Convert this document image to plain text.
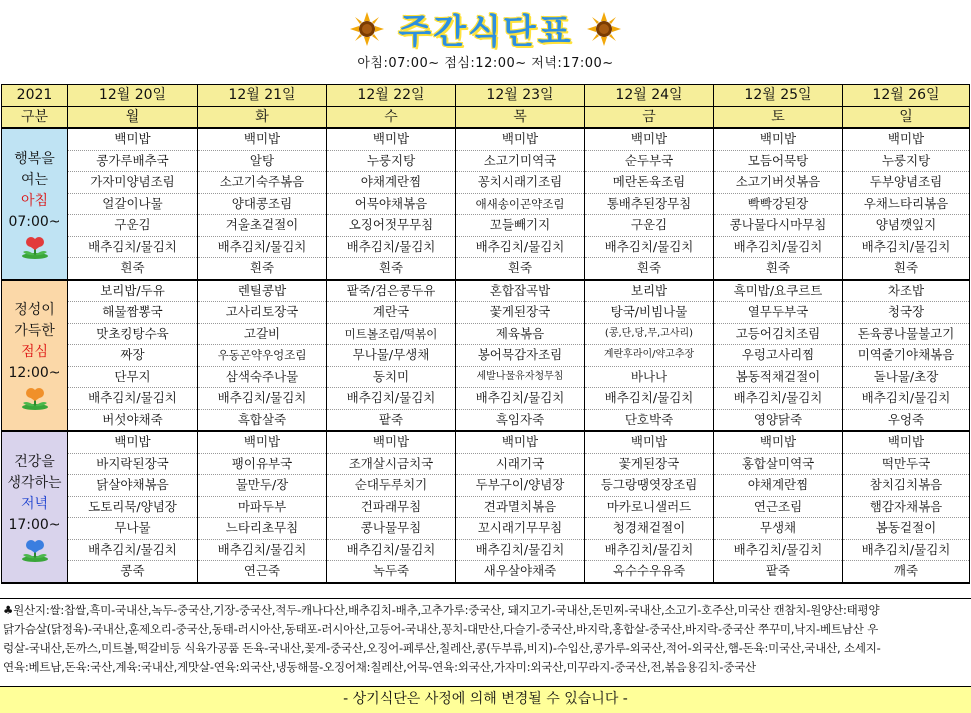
주간식단표
아침:07:00~ 점심:12:00~ 저녁:17:00~
2021	12월 20일	12월 21일	12월 22일	12월 23일	12월 24일	12월 25일	12월 26일
구분	월	화	수	목	금	토	일

행복을
여는
아침
07:00~	백미밥	백미밥	백미밥	백미밥	백미밥	백미밥	백미밥
	콩가루배추국	알탕	누룽지탕	소고기미역국	순두부국	모듬어묵탕	누룽지탕
	가자미양념조림	소고기숙주볶음	야채계란찜	꽁치시래기조림	메란돈육조림	소고기버섯볶음	두부양념조림
	얼갈이나물	양대콩조림	어묵야채볶음	애새송이곤약조림	통배추된장무침	빡빡강된장	우채느타리볶음
	구운김	겨울초겉절이	오징어젓무무침	꼬들빼기지	구운김	콩나물다시마무침	양념깻잎지
	배추김치/물김치	배추김치/물김치	배추김치/물김치	배추김치/물김치	배추김치/물김치	배추김치/물김치	배추김치/물김치
	흰죽	흰죽	흰죽	흰죽	흰죽	흰죽	흰죽

정성이
가득한
점심
12:00~	보리밥/두유	렌틸콩밥	팥죽/검은콩두유	혼합잡곡밥	보리밥	흑미밥/요쿠르트	차조밥
	해물짬뽕국	고사리토장국	계란국	꽃게된장국	탕국/비빔나물	열무두부국	청국장
	맛초킹탕수육	고갈비	미트볼조림/떡볶이	제육볶음	(콩,단,당,무,고사리)	고등어김치조림	돈육콩나물불고기
	짜장	우동곤약우엉조림	무나물/무생채	봉어묵감자조림	계란후라이/약고추장	우렁고사리찜	미역줄기야채볶음
	단무지	삼색숙주나물	동치미	세발나물유자청무침	바나나	봄동적채겉절이	돌나물/초장
	배추김치/물김치	배추김치/물김치	배추김치/물김치	배추김치/물김치	배추김치/물김치	배추김치/물김치	배추김치/물김치
	버섯야채죽	흑합살죽	팥죽	흑임자죽	단호박죽	영양닭죽	우엉죽

건강을
생각하는
저녁
17:00~	백미밥	백미밥	백미밥	백미밥	백미밥	백미밥	백미밥
	바지락된장국	팽이유부국	조개살시금치국	시래기국	꽃게된장국	홍합살미역국	떡만두국
	닭살야채볶음	물만두/장	순대두루치기	두부구이/양념장	등그랑땡엿장조림	야채계란찜	참치김치볶음
	도토리묵/양념장	마파두부	건파래무침	견과멸치볶음	마카로니샐러드	연근조림	햄감자채볶음
	무나물	느타리초무침	콩나물무침	꼬시래기무무침	청경채겉절이	무생채	봄동겉절이
	배추김치/물김치	배추김치/물김치	배추김치/물김치	배추김치/물김치	배추김치/물김치	배추김치/물김치	배추김치/물김치
	콩죽	연근죽	녹두죽	새우살야채죽	옥수수우유죽	팥죽	깨죽
♣원산지:쌀:찹쌀,흑미-국내산,녹두-중국산,기장-중국산,적두-캐나다산,배추김치-배추,고추가루:중국산, 돼지고기-국내산,돈민찌-국내산,소고기-호주산,미국산 캔참치-원양산:태평양
닭가슴살(닭정육)-국내산,훈제오리-중국산,동태-러시아산,동태포-러시아산,고등어-국내산,꽁치-대만산,다슬기-중국산,바지락,홍합살-중국산,바지락-중국산 쭈꾸미,낙지-베트남산 우
렁살-국내산,돈까스,미트볼,떡갈비등 식육가공품 돈육-국내산,꽃게-중국산,오징어-페루산,칠레산,콩(두부류,비지)-수입산,콩가루-외국산,적어-외국산,햄-돈육:미국산,국내산, 소세지-
연육:베트남,돈육:국산,계육:국내산,게맛살-연육:외국산,냉동해물-오징어채:칠레산,어묵-연육:외국산,가자미:외국산,미꾸라지-중국산,전,볶음용김치-중국산
- 상기식단은 사정에 의해 변경될 수 있습니다 -
